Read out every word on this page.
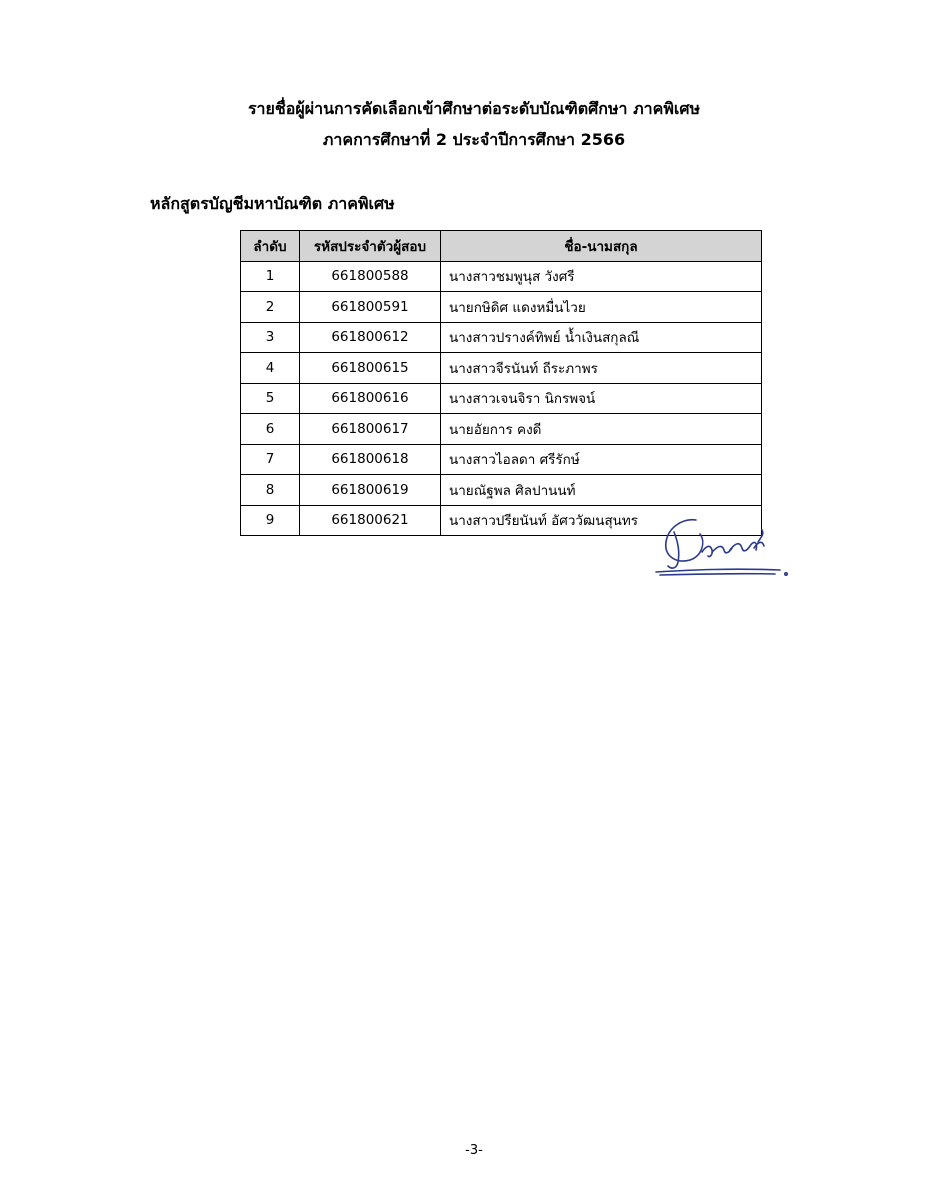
รายชื่อผู้ผ่านการคัดเลือกเข้าศึกษาต่อระดับบัณฑิตศึกษา ภาคพิเศษ
ภาคการศึกษาที่ 2 ประจำปีการศึกษา 2566
หลักสูตรบัญชีมหาบัณฑิต ภาคพิเศษ
ลำดับ	รหัสประจำตัวผู้สอบ	ชื่อ-นามสกุล
1	661800588	นางสาวชมพูนุส วังศรี
2	661800591	นายกษิดิศ แดงหมื่นไวย
3	661800612	นางสาวปรางค์ทิพย์ น้ำเงินสกุลณี
4	661800615	นางสาวจีรนันท์ ถีระภาพร
5	661800616	นางสาวเจนจิรา นิกรพจน์
6	661800617	นายอัยการ คงดี
7	661800618	นางสาวไอลดา ศรีรักษ์
8	661800619	นายณัฐพล ศิลปานนท์
9	661800621	นางสาวปรียนันท์ อัศววัฒนสุนทร
-3-
